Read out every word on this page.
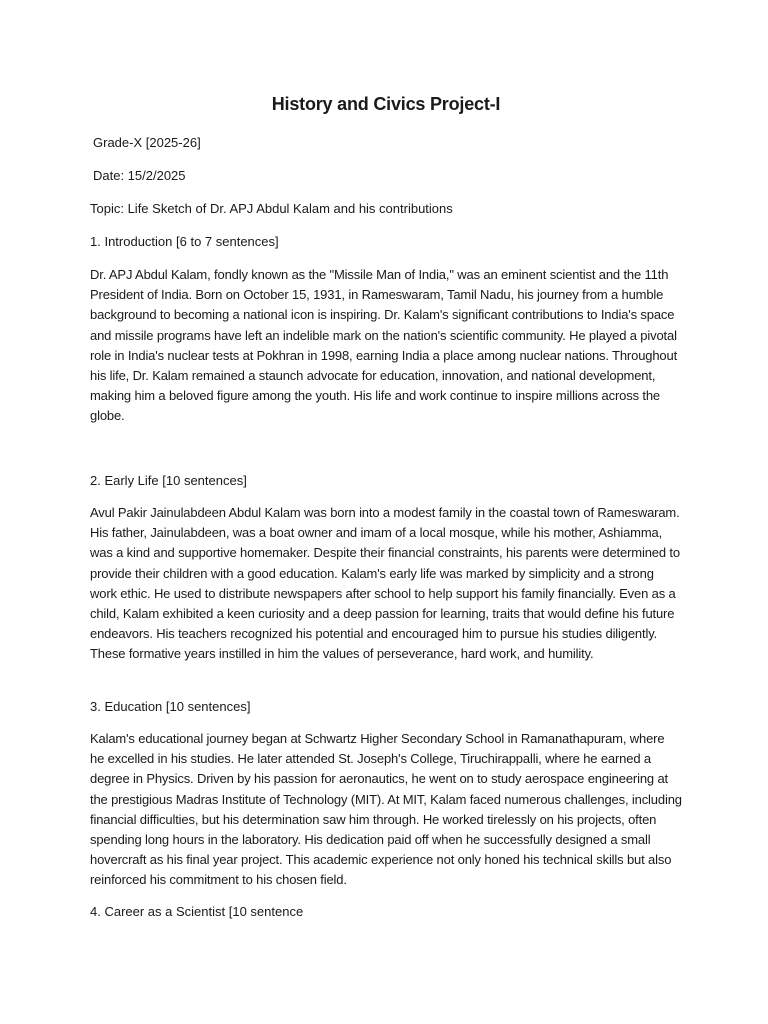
History and Civics Project-I

Grade-X [2025-26]

Date: 15/2/2025

Topic: Life Sketch of Dr. APJ Abdul Kalam and his contributions

1. Introduction [6 to 7 sentences]

Dr. APJ Abdul Kalam, fondly known as the "Missile Man of India," was an eminent scientist and the 11th President of India. Born on October 15, 1931, in Rameswaram, Tamil Nadu, his journey from a humble background to becoming a national icon is inspiring. Dr. Kalam's significant contributions to India's space and missile programs have left an indelible mark on the nation's scientific community. He played a pivotal role in India's nuclear tests at Pokhran in 1998, earning India a place among nuclear nations. Throughout his life, Dr. Kalam remained a staunch advocate for education, innovation, and national development, making him a beloved figure among the youth. His life and work continue to inspire millions across the globe.

2. Early Life [10 sentences]

Avul Pakir Jainulabdeen Abdul Kalam was born into a modest family in the coastal town of Rameswaram. His father, Jainulabdeen, was a boat owner and imam of a local mosque, while his mother, Ashiamma, was a kind and supportive homemaker. Despite their financial constraints, his parents were determined to provide their children with a good education. Kalam's early life was marked by simplicity and a strong work ethic. He used to distribute newspapers after school to help support his family financially. Even as a child, Kalam exhibited a keen curiosity and a deep passion for learning, traits that would define his future endeavors. His teachers recognized his potential and encouraged him to pursue his studies diligently. These formative years instilled in him the values of perseverance, hard work, and humility.

3. Education [10 sentences]

Kalam's educational journey began at Schwartz Higher Secondary School in Ramanathapuram, where he excelled in his studies. He later attended St. Joseph's College, Tiruchirappalli, where he earned a degree in Physics. Driven by his passion for aeronautics, he went on to study aerospace engineering at the prestigious Madras Institute of Technology (MIT). At MIT, Kalam faced numerous challenges, including financial difficulties, but his determination saw him through. He worked tirelessly on his projects, often spending long hours in the laboratory. His dedication paid off when he successfully designed a small hovercraft as his final year project. This academic experience not only honed his technical skills but also reinforced his commitment to his chosen field.

4. Career as a Scientist [10 sentence
